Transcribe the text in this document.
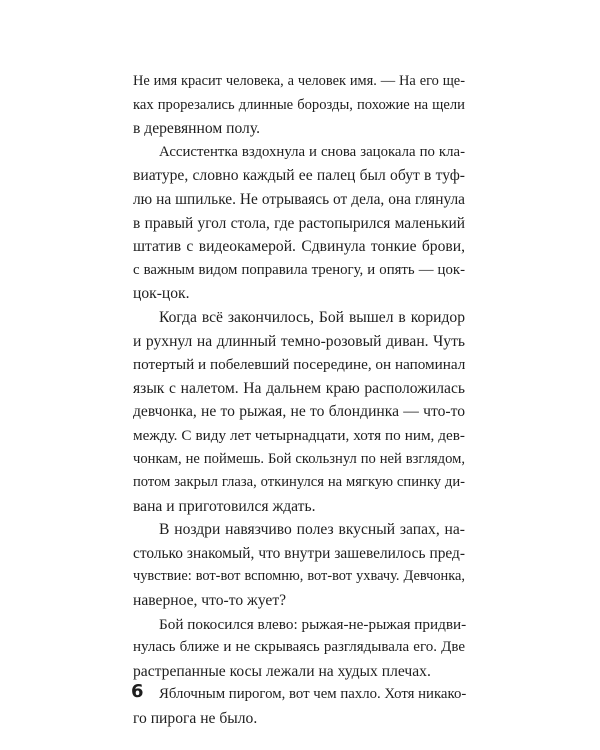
Не имя красит человека, а человек имя. — На его ще-
ках прорезались длинные борозды, похожие на щели
в деревянном полу.

Ассистентка вздохнула и снова зацокала по кла-
виатуре, словно каждый ее палец был обут в туф-
лю на шпильке. Не отрываясь от дела, она глянула
в правый угол стола, где растопырился маленький
штатив с видеокамерой. Сдвинула тонкие брови,
с важным видом поправила треногу, и опять — цок-
цок-цок.

Когда всё закончилось, Бой вышел в коридор
и рухнул на длинный темно-розовый диван. Чуть
потертый и побелевший посередине, он напоминал
язык с налетом. На дальнем краю расположилась
девчонка, не то рыжая, не то блондинка — что-то
между. С виду лет четырнадцати, хотя по ним, дев-
чонкам, не поймешь. Бой скользнул по ней взглядом,
потом закрыл глаза, откинулся на мягкую спинку ди-
вана и приготовился ждать.

В ноздри навязчиво полез вкусный запах, на-
столько знакомый, что внутри зашевелилось пред-
чувствие: вот-вот вспомню, вот-вот ухвачу. Девчонка,
наверное, что-то жует?

Бой покосился влево: рыжая-не-рыжая придви-
нулась ближе и не скрываясь разглядывала его. Две
растрепанные косы лежали на худых плечах.

Яблочным пирогом, вот чем пахло. Хотя никако-
го пирога не было.

6
